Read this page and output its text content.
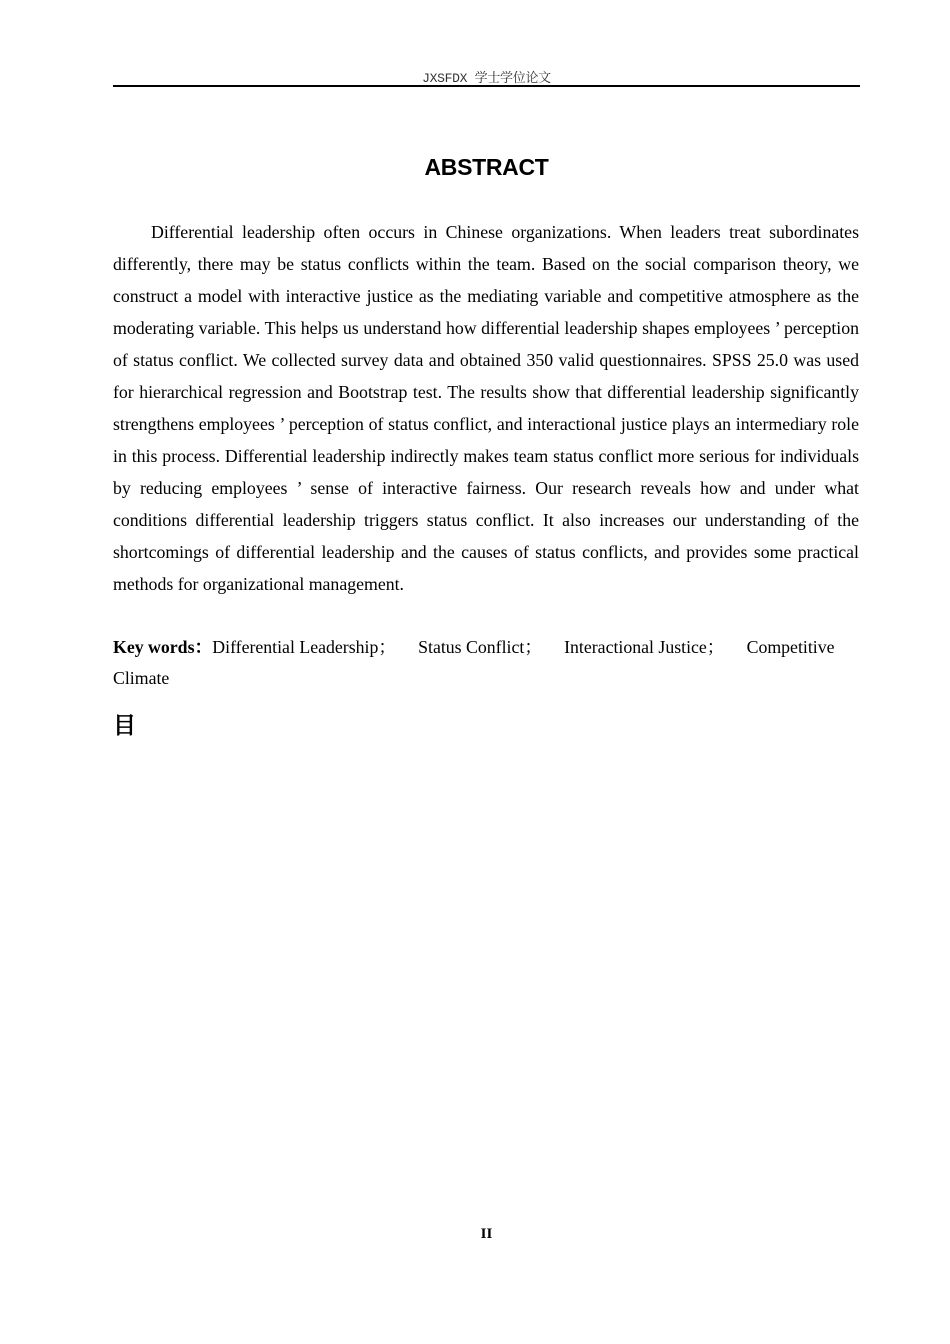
JXSFDX 学士学位论文
ABSTRACT

Differential leadership often occurs in Chinese organizations. When leaders treat subordinates differently, there may be status conflicts within the team. Based on the social comparison theory, we construct a model with interactive justice as the mediating variable and competitive atmosphere as the moderating variable. This helps us understand how differential leadership shapes employees ’ perception of status conflict. We collected survey data and obtained 350 valid questionnaires. SPSS 25.0 was used for hierarchical regression and Bootstrap test. The results show that differential leadership significantly strengthens employees ’ perception of status conflict, and interactional justice plays an intermediary role in this process. Differential leadership indirectly makes team status conflict more serious for individuals by reducing employees ’ sense of interactive fairness. Our research reveals how and under what conditions differential leadership triggers status conflict. It also increases our understanding of the shortcomings of differential leadership and the causes of status conflicts, and provides some practical methods for organizational management.

Key words：Differential Leadership； Status Conflict； Interactional Justice； Competitive Climate

目
II
